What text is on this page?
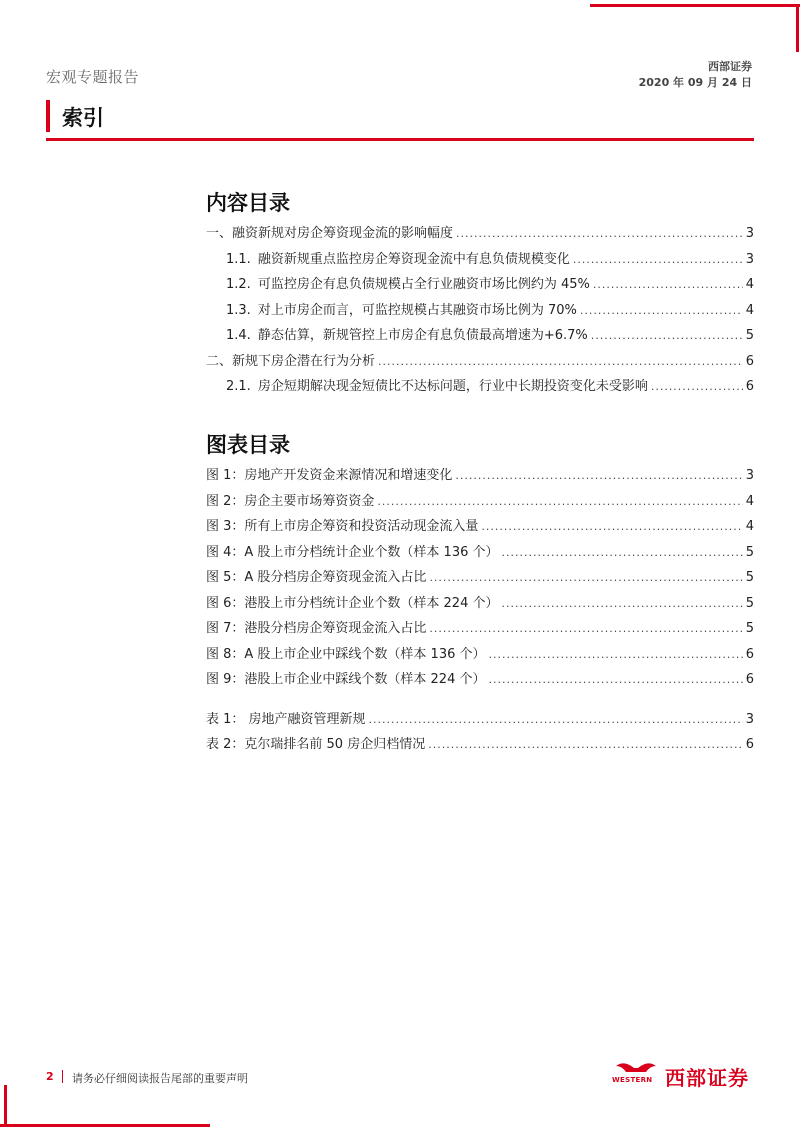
宏观专题报告
西部证券
2020 年 09 月 24 日
索引
内容目录
一、融资新规对房企筹资现金流的影响幅度 .....	3
1.1. 融资新规重点监控房企筹资现金流中有息负债规模变化 .....	3
1.2. 可监控房企有息负债规模占全行业融资市场比例约为 45% .....	4
1.3. 对上市房企而言，可监控规模占其融资市场比例为 70% .....	4
1.4. 静态估算，新规管控上市房企有息负债最高增速为+6.7% .....	5
二、新规下房企潜在行为分析 .....	6
2.1. 房企短期解决现金短债比不达标问题，行业中长期投资变化未受影响 .....	6
图表目录
图 1：房地产开发资金来源情况和增速变化 .....	3
图 2：房企主要市场筹资资金 .....	4
图 3：所有上市房企筹资和投资活动现金流入量 .....	4
图 4：A 股上市分档统计企业个数（样本 136 个） .....	5
图 5：A 股分档房企筹资现金流入占比 .....	5
图 6：港股上市分档统计企业个数（样本 224 个） .....	5
图 7：港股分档房企筹资现金流入占比 .....	5
图 8：A 股上市企业中踩线个数（样本 136 个） .....	6
图 9：港股上市企业中踩线个数（样本 224 个） .....	6
表 1： 房地产融资管理新规 .....	3
表 2：克尔瑞排名前 50 房企归档情况 .....	6
2 请务必仔细阅读报告尾部的重要声明	WESTERN 西部证券
